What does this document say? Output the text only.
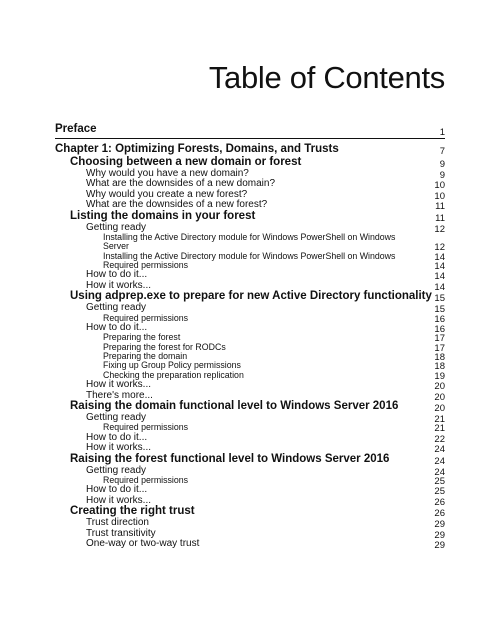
Table of Contents
Preface	1
Chapter 1: Optimizing Forests, Domains, and Trusts	7
Choosing between a new domain or forest	9
Why would you have a new domain?	9
What are the downsides of a new domain?	10
Why would you create a new forest?	10
What are the downsides of a new forest?	11
Listing the domains in your forest	11
Getting ready	12
Installing the Active Directory module for Windows PowerShell on Windows Server	12
Installing the Active Directory module for Windows PowerShell on Windows	14
Required permissions	14
How to do it...	14
How it works...	14
Using adprep.exe to prepare for new Active Directory functionality 15
Getting ready	15
Required permissions	16
How to do it...	16
Preparing the forest	17
Preparing the forest for RODCs	17
Preparing the domain	18
Fixing up Group Policy permissions	18
Checking the preparation replication	19
How it works...	20
There's more...	20
Raising the domain functional level to Windows Server 2016	20
Getting ready	21
Required permissions	21
How to do it...	22
How it works...	24
Raising the forest functional level to Windows Server 2016	24
Getting ready	24
Required permissions	25
How to do it...	25
How it works...	26
Creating the right trust	26
Trust direction	29
Trust transitivity	29
One-way or two-way trust	29
